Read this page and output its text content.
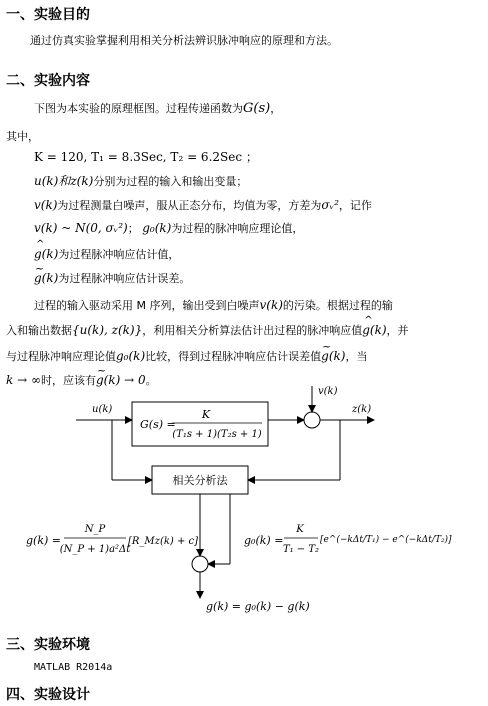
一、实验目的
通过仿真实验掌握利用相关分析法辨识脉冲响应的原理和方法。
二、实验内容
下图为本实验的原理框图。过程传递函数为G(s)，
其中，
K = 120, T₁ = 8.3Sec, T₂ = 6.2Sec ；
u(k)和z(k)分别为过程的输入和输出变量；
v(k)为过程测量白噪声，服从正态分布，均值为零，方差为σᵥ²，记作
v(k) ~ N(0, σᵥ²)； g₀(k)为过程的脉冲响应理论值，
^ g(k)为过程脉冲响应估计值，
~ g(k)为过程脉冲响应估计误差。
过程的输入驱动采用 M 序列，输出受到白噪声v(k)的污染。根据过程的输
入和输出数据{u(k), z(k)}，利用相关分析算法估计出过程的脉冲响应值^ g(k)，并
与过程脉冲响应理论值g₀(k)比较，得到过程脉冲响应估计误差值~ g(k)，当
k → ∞时，应该有~ g(k) → 0。
u(k)
G(s) =
K
(T₁s + 1)(T₂s + 1)
v(k)
z(k)
相关分析法
g(k) =
N_P
(N_P + 1)a²Δt
[R_Mz(k) + c]	g₀(k) =
K
T₁ − T₂
[e^(−kΔt/T₁) − e^(−kΔt/T₂)]
g(k) = g₀(k) − g(k)
三、实验环境
MATLAB R2014a
四、实验设计
